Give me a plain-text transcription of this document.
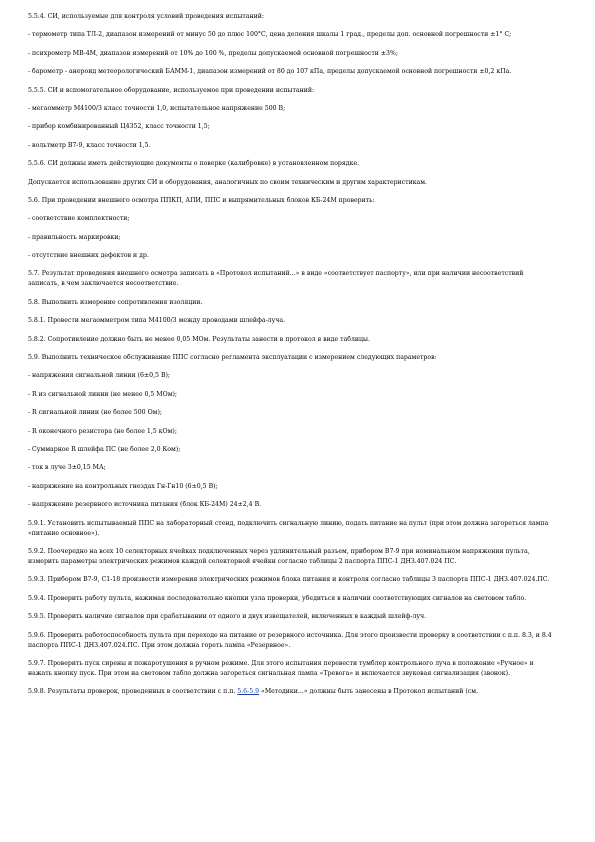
5.5.4. СИ, используемые для контроля условий проведения испытаний:
- термометр типа ТЛ-2, диапазон измерений от минус 50 до плюс 100°С, цена деления шкалы 1 град., пределы доп. основной погрешности ±1° С;
- психрометр МВ-4М, диапазон измерений от 10% до 100 %, пределы допускаемой основной погрешности ±3%;
- барометр - анероид метеорологический БАММ-1, диапазон измерений от 80 до 107 кПа, пределы допускаемой основной погрешности ±0,2 кПа.
5.5.5. СИ и вспомогательное оборудование, используемое при проведении испытаний:
- мегаомметр М4100/3 класс точности 1,0, испытательное напряжение 500 В;
- прибор комбинированный Ц4352, класс точности 1,5;
- вольтметр В7-9, класс точности 1,5.
5.5.6. СИ должны иметь действующие документы о поверке (калибровке) в установленном порядке.
Допускается использование других СИ и оборудования, аналогичных по своим техническим и другим характеристикам.
5.6. При проведении внешнего осмотра ППКП, АПИ, ППС и выпрямительных блоков КБ-24М проверить:
- соответствие комплектности;
- правильность маркировки;
- отсутствие внешних дефектов и др.
5.7. Результат проведения внешнего осмотра записать в «Протокол испытаний...» в виде «соответствует паспорту», или при наличии несоответствий записать, в чем заключается несоответствие.
5.8. Выполнить измерение сопротивления изоляции.
5.8.1. Провести мегаомметром типа М4100/3 между проводами шлейфа-луча.
5.8.2. Сопротивление должно быть не менее 0,05 МОм. Результаты занести в протокол в виде таблицы.
5.9. Выполнить техническое обслуживание ППС согласно регламента эксплуатации с измерением следующих параметров:
- напряжения сигнальной линии (6±0,5 В);
- R из сигнальной линии (не менее 0,5 МОм);
- R сигнальной линии (не более 500 Ом);
- R оконечного резистора (не более 1,5 кОм);
- Суммарное R шлейфа ПС (не более 2,0 Ком);
- ток в луче 3±0,15 МА;
- напряжение на контрольных гнездах Гн-Гн10 (6±0,5 В);
- напряжение резервного источника питания (блок КБ-24М) 24±2,4 В.
5.9.1. Установить испытываемый ППС на лабораторный стенд, подключить сигнальную линию, подать питание на пульт (при этом должна загореться лампа «питание основное»).
5.9.2. Поочередно на всех 10 селекторных ячейках подключенных через удлинительный разъем, прибором В7-9 при номинальном напряжении пульта, измерить параметры электрических режимов каждой селекторной ячейки согласно таблицы 2 паспорта ППС-1 ДНЗ.407.024 ПС.
5.9.3. Прибором В7-9, С1-18 произвести измерения электрических режимов блока питания и контроля согласно таблицы 3 паспорта ППС-1 ДНЗ.407.024.ПС.
5.9.4. Проверить работу пульта, нажимая последовательно кнопки узла проверки, убедиться в наличии соответствующих сигналов на световом табло.
5.9.5. Проверить наличие сигналов при срабатывании от одного и двух извещателей, включенных в каждый шлейф-луч.
5.9.6. Проверить работоспособность пульта при переходе на питание от резервного источника. Для этого произвести проверку в соответствии с п.п. 8.3, и 8.4 паспорта ППС-1 ДНЗ.407.024.ПС. При этом должна гореть лампа «Резервное».
5.9.7. Проверить пуск сирены и пожаротушения в ручном режиме. Для этого испытания перевести тумблер контрольного луча в положение «Ручное» и нажать кнопку пуск. При этом на световом табло должна загореться сигнальная лампа «Тревога» и включается звуковая сигнализация (звонок).
5.9.8. Результаты проверок, проведенных в соответствии с п.п. 5.6-5.9 «Методики...» должны быть занесены в Протокол испытаний (см.
